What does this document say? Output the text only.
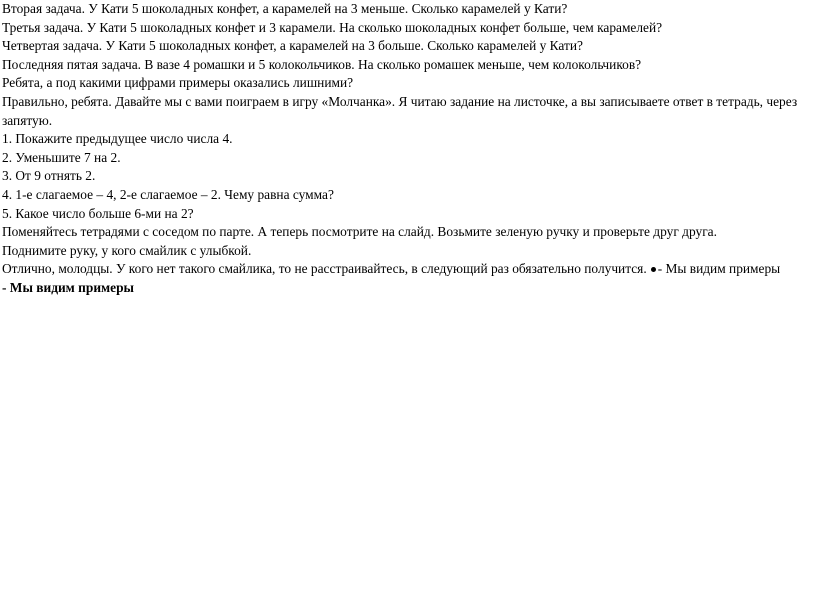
Вторая задача. У Кати 5 шоколадных конфет, а карамелей на 3 меньше. Сколько карамелей у Кати?
Третья задача. У Кати 5 шоколадных конфет и 3 карамели. На сколько шоколадных конфет больше, чем карамелей?
Четвертая задача. У Кати 5 шоколадных конфет, а карамелей на 3 больше. Сколько карамелей у Кати?
Последняя пятая задача. В вазе 4 ромашки и 5 колокольчиков. На сколько ромашек меньше, чем колокольчиков?
Ребята, а под какими цифрами примеры оказались лишними?
Правильно, ребята. Давайте мы с вами поиграем в игру «Молчанка». Я читаю задание на листочке, а вы записываете ответ в тетрадь, через запятую.
1. Покажите предыдущее число числа 4.
2. Уменьшите 7 на 2.
3. От 9 отнять 2.
4. 1-е слагаемое – 4, 2-е слагаемое – 2. Чему равна сумма?
5. Какое число больше 6-ми на 2?
Поменяйтесь тетрадями с соседом по парте. А теперь посмотрите на слайд. Возьмите зеленую ручку и проверьте друг друга.
Поднимите руку, у кого смайлик с улыбкой.
Отлично, молодцы. У кого нет такого смайлика, то не расстраивайтесь, в следующий раз обязательно получится. - Мы видим примеры
- Мы видим примеры
